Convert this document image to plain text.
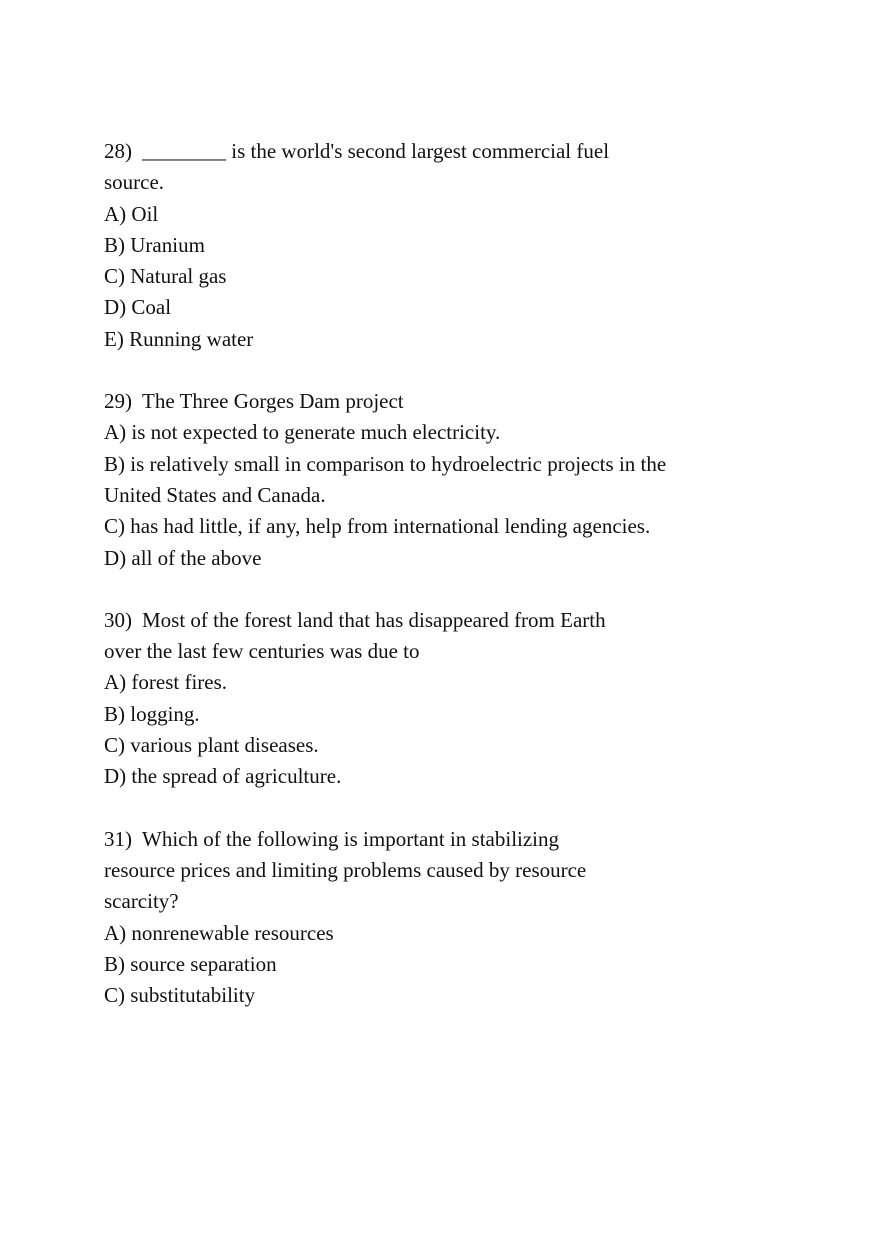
28) ________ is the world's second largest commercial fuel
source.
A) Oil
B) Uranium
C) Natural gas
D) Coal
E) Running water
29) The Three Gorges Dam project
A) is not expected to generate much electricity.
B) is relatively small in comparison to hydroelectric projects in the
United States and Canada.
C) has had little, if any, help from international lending agencies.
D) all of the above
30) Most of the forest land that has disappeared from Earth
over the last few centuries was due to
A) forest fires.
B) logging.
C) various plant diseases.
D) the spread of agriculture.
31) Which of the following is important in stabilizing
resource prices and limiting problems caused by resource
scarcity?
A) nonrenewable resources
B) source separation
C) substitutability
